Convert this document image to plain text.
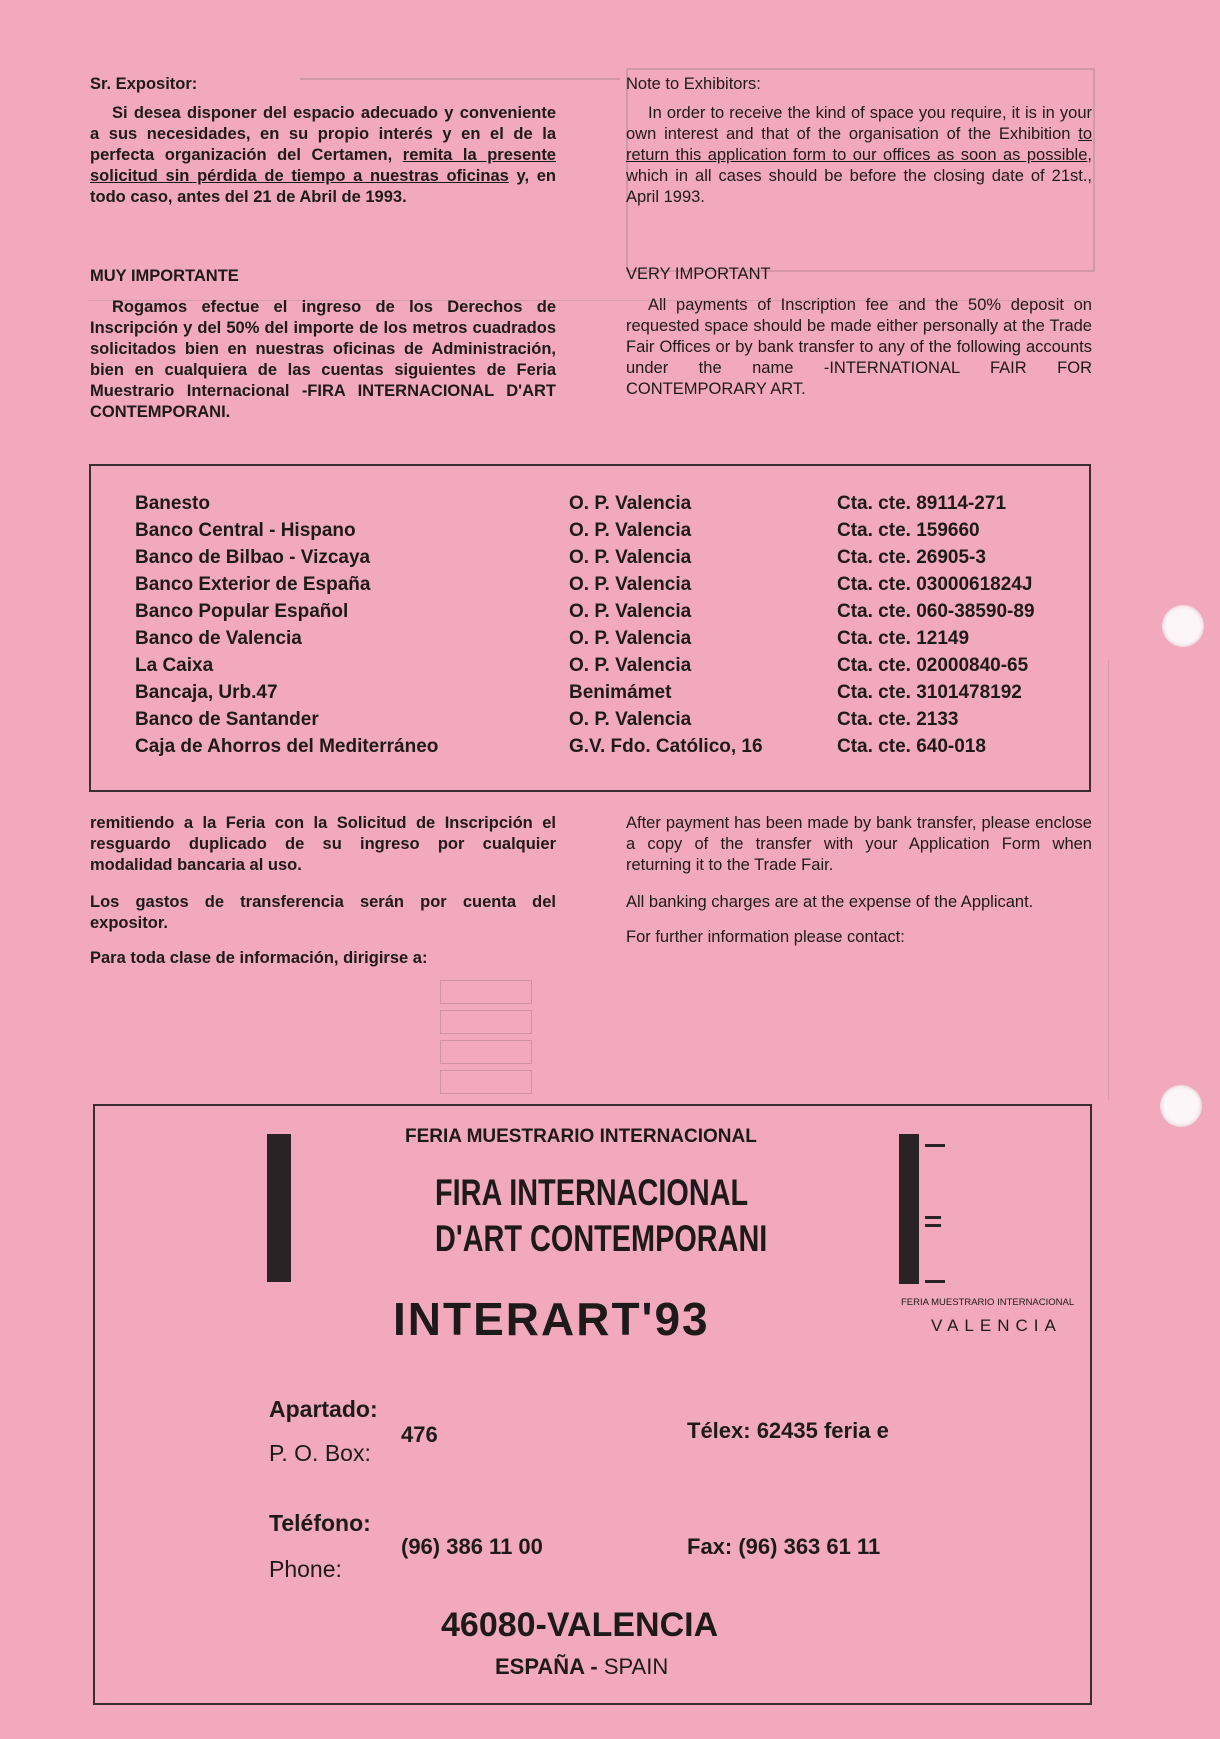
Sr. Expositor:

Si desea disponer del espacio adecuado y conveniente a sus necesidades, en su propio interés y en el de la perfecta organización del Certamen, remita la presente solicitud sin pérdida de tiempo a nuestras oficinas y, en todo caso, antes del 21 de Abril de 1993.

Note to Exhibitors:

In order to receive the kind of space you require, it is in your own interest and that of the organisation of the Exhibition to return this application form to our offices as soon as possible, which in all cases should be before the closing date of 21st., April 1993.

MUY IMPORTANTE

Rogamos efectue el ingreso de los Derechos de Inscripción y del 50% del importe de los metros cuadrados solicitados bien en nuestras oficinas de Administración, bien en cualquiera de las cuentas siguientes de Feria Muestrario Internacional -FIRA INTERNACIONAL D'ART CONTEMPORANI.

VERY IMPORTANT

All payments of Inscription fee and the 50% deposit on requested space should be made either personally at the Trade Fair Offices or by bank transfer to any of the following accounts under the name -INTERNATIONAL FAIR FOR CONTEMPORARY ART.

Banesto	O. P. Valencia	Cta. cte. 89114-271
Banco Central - Hispano	O. P. Valencia	Cta. cte. 159660
Banco de Bilbao - Vizcaya	O. P. Valencia	Cta. cte. 26905-3
Banco Exterior de España	O. P. Valencia	Cta. cte. 0300061824J
Banco Popular Español	O. P. Valencia	Cta. cte. 060-38590-89
Banco de Valencia	O. P. Valencia	Cta. cte. 12149
La Caixa	O. P. Valencia	Cta. cte. 02000840-65
Bancaja, Urb.47	Benimámet	Cta. cte. 3101478192
Banco de Santander	O. P. Valencia	Cta. cte. 2133
Caja de Ahorros del Mediterráneo	G.V. Fdo. Católico, 16	Cta. cte. 640-018

remitiendo a la Feria con la Solicitud de Inscripción el resguardo duplicado de su ingreso por cualquier modalidad bancaria al uso.

Los gastos de transferencia serán por cuenta del expositor.

Para toda clase de información, dirigirse a:

After payment has been made by bank transfer, please enclose a copy of the transfer with your Application Form when returning it to the Trade Fair.

All banking charges are at the expense of the Applicant.

For further information please contact:

FERIA MUESTRARIO INTERNACIONAL
FERIA MUESTRARIO INTERNACIONAL
VALENCIA
FIRA INTERNACIONAL
D'ART CONTEMPORANI
INTERART'93
Apartado:
P. O. Box:
476	Télex: 62435 feria e
Teléfono:
Phone:
(96) 386 11 00	Fax: (96) 363 61 11
46080-VALENCIA
ESPAÑA - SPAIN
